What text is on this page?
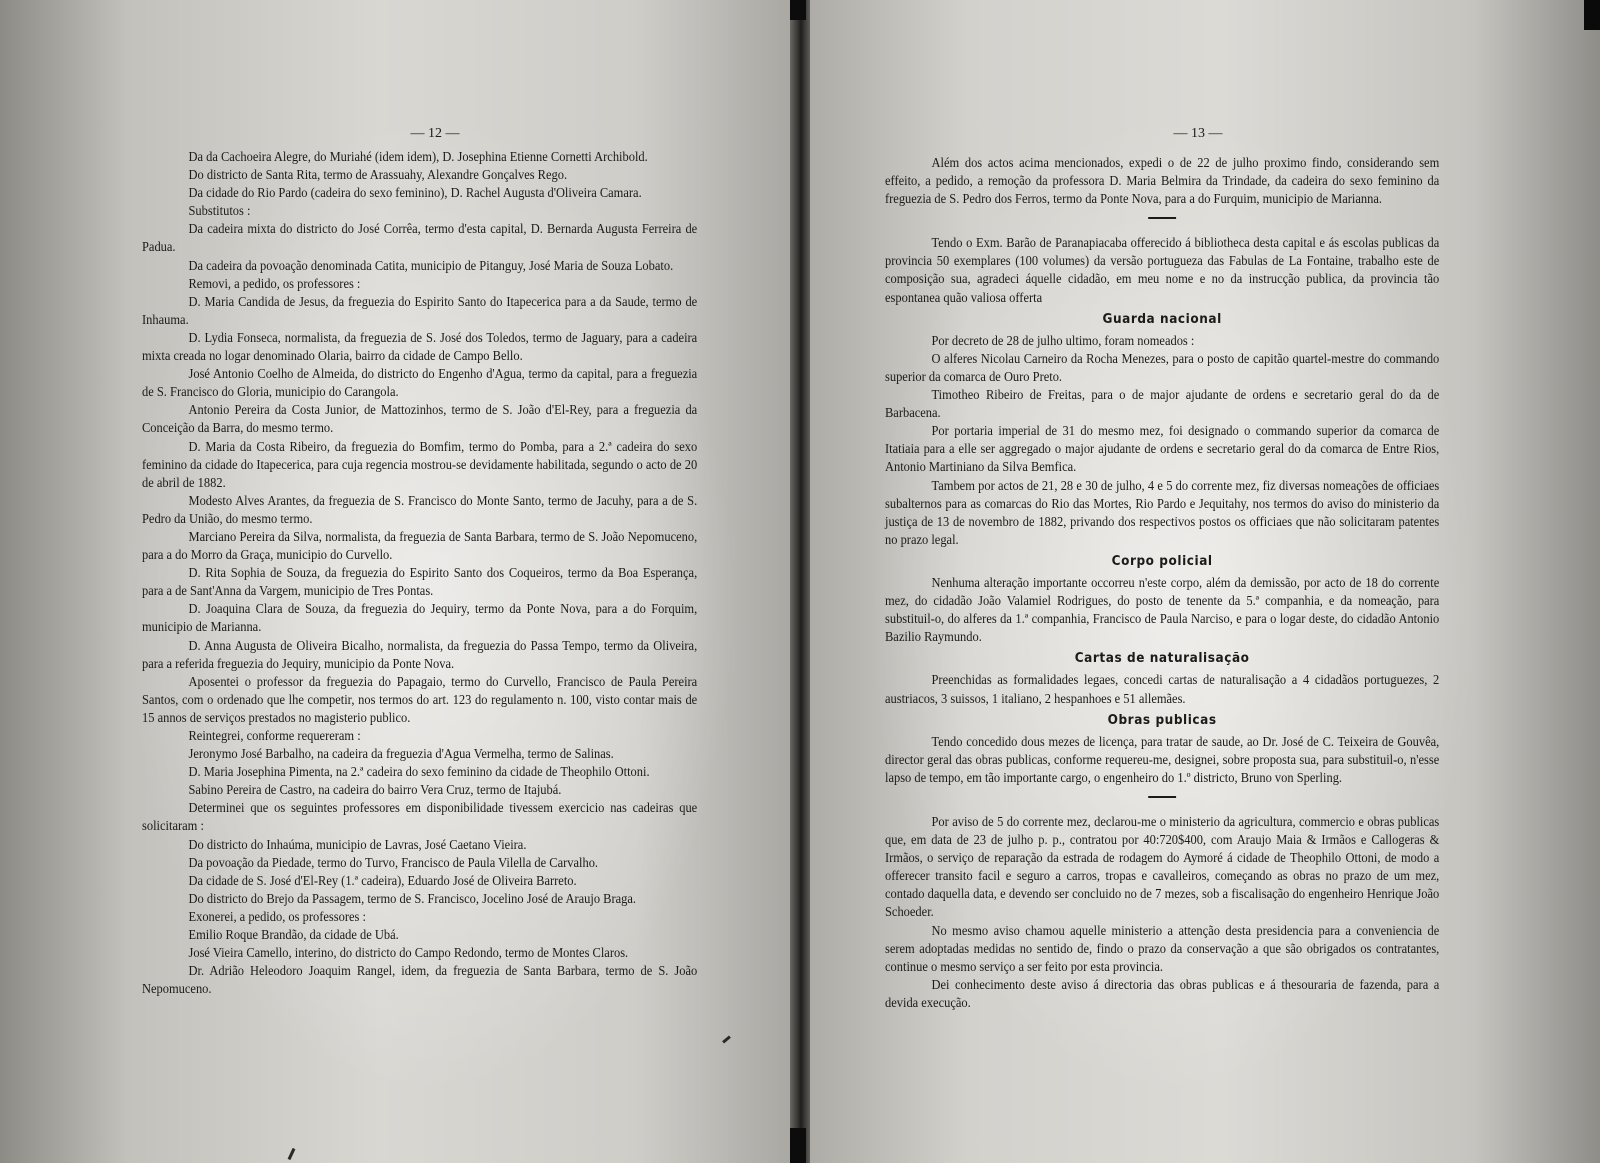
— 12 —

Da da Cachoeira Alegre, do Muriahé (idem idem), D. Josephina Etienne Cornetti Archibold.

Do districto de Santa Rita, termo de Arassuahy, Alexandre Gonçalves Rego.

Da cidade do Rio Pardo (cadeira do sexo feminino), D. Rachel Augusta d'Oliveira Camara.

Substitutos :

Da cadeira mixta do districto do José Corrêa, termo d'esta capital, D. Bernarda Augusta Ferreira de Padua.

Da cadeira da povoação denominada Catita, municipio de Pitanguy, José Maria de Souza Lobato.

Removi, a pedido, os professores :

D. Maria Candida de Jesus, da freguezia do Espirito Santo do Itapecerica para a da Saude, termo de Inhauma.

D. Lydia Fonseca, normalista, da freguezia de S. José dos Toledos, termo de Jaguary, para a cadeira mixta creada no logar denominado Olaria, bairro da cidade de Campo Bello.

José Antonio Coelho de Almeida, do districto do Engenho d'Agua, termo da capital, para a freguezia de S. Francisco do Gloria, municipio do Carangola.

Antonio Pereira da Costa Junior, de Mattozinhos, termo de S. João d'El-Rey, para a freguezia da Conceição da Barra, do mesmo termo.

D. Maria da Costa Ribeiro, da freguezia do Bomfim, termo do Pomba, para a 2.ª cadeira do sexo feminino da cidade do Itapecerica, para cuja regencia mostrou-se devidamente habilitada, segundo o acto de 20 de abril de 1882.

Modesto Alves Arantes, da freguezia de S. Francisco do Monte Santo, termo de Jacuhy, para a de S. Pedro da União, do mesmo termo.

Marciano Pereira da Silva, normalista, da freguezia de Santa Barbara, termo de S. João Nepomuceno, para a do Morro da Graça, municipio do Curvello.

D. Rita Sophia de Souza, da freguezia do Espirito Santo dos Coqueiros, termo da Boa Esperança, para a de Sant'Anna da Vargem, municipio de Tres Pontas.

D. Joaquina Clara de Souza, da freguezia do Jequiry, termo da Ponte Nova, para a do Forquim, municipio de Marianna.

D. Anna Augusta de Oliveira Bicalho, normalista, da freguezia do Passa Tempo, termo da Oliveira, para a referida freguezia do Jequiry, municipio da Ponte Nova.

Aposentei o professor da freguezia do Papagaio, termo do Curvello, Francisco de Paula Pereira Santos, com o ordenado que lhe competir, nos termos do art. 123 do regulamento n. 100, visto contar mais de 15 annos de serviços prestados no magisterio publico.

Reintegrei, conforme requereram :

Jeronymo José Barbalho, na cadeira da freguezia d'Agua Vermelha, termo de Salinas.

D. Maria Josephina Pimenta, na 2.ª cadeira do sexo feminino da cidade de Theophilo Ottoni.

Sabino Pereira de Castro, na cadeira do bairro Vera Cruz, termo de Itajubá.

Determinei que os seguintes professores em disponibilidade tivessem exercicio nas cadeiras que solicitaram :

Do districto do Inhaúma, municipio de Lavras, José Caetano Vieira.

Da povoação da Piedade, termo do Turvo, Francisco de Paula Vilella de Carvalho.

Da cidade de S. José d'El-Rey (1.ª cadeira), Eduardo José de Oliveira Barreto.

Do districto do Brejo da Passagem, termo de S. Francisco, Jocelino José de Araujo Braga.

Exonerei, a pedido, os professores :

Emilio Roque Brandão, da cidade de Ubá.

José Vieira Camello, interino, do districto do Campo Redondo, termo de Montes Claros.

Dr. Adrião Heleodoro Joaquim Rangel, idem, da freguezia de Santa Barbara, termo de S. João Nepomuceno.

— 13 —

Além dos actos acima mencionados, expedi o de 22 de julho proximo findo, considerando sem effeito, a pedido, a remoção da professora D. Maria Belmira da Trindade, da cadeira do sexo feminino da freguezia de S. Pedro dos Ferros, termo da Ponte Nova, para a do Furquim, municipio de Marianna.

Tendo o Exm. Barão de Paranapiacaba offerecido á bibliotheca desta capital e ás escolas publicas da provincia 50 exemplares (100 volumes) da versão portugueza das Fabulas de La Fontaine, trabalho este de composição sua, agradeci áquelle cidadão, em meu nome e no da instrucção publica, da provincia tão espontanea quão valiosa offerta

Guarda nacional

Por decreto de 28 de julho ultimo, foram nomeados :

O alferes Nicolau Carneiro da Rocha Menezes, para o posto de capitão quartel-mestre do commando superior da comarca de Ouro Preto.

Timotheo Ribeiro de Freitas, para o de major ajudante de ordens e secretario geral do da de Barbacena.

Por portaria imperial de 31 do mesmo mez, foi designado o commando superior da comarca de Itatiaia para a elle ser aggregado o major ajudante de ordens e secretario geral do da comarca de Entre Rios, Antonio Martiniano da Silva Bemfica.

Tambem por actos de 21, 28 e 30 de julho, 4 e 5 do corrente mez, fiz diversas nomeações de officiaes subalternos para as comarcas do Rio das Mortes, Rio Pardo e Jequitahy, nos termos do aviso do ministerio da justiça de 13 de novembro de 1882, privando dos respectivos postos os officiaes que não solicitaram patentes no prazo legal.

Corpo policial

Nenhuma alteração importante occorreu n'este corpo, além da demissão, por acto de 18 do corrente mez, do cidadão João Valamiel Rodrigues, do posto de tenente da 5.ª companhia, e da nomeação, para substituil-o, do alferes da 1.ª companhia, Francisco de Paula Narciso, e para o logar deste, do cidadão Antonio Bazilio Raymundo.

Cartas de naturalisação

Preenchidas as formalidades legaes, concedi cartas de naturalisação a 4 cidadãos portuguezes, 2 austriacos, 3 suissos, 1 italiano, 2 hespanhoes e 51 allemães.

Obras publicas

Tendo concedido dous mezes de licença, para tratar de saude, ao Dr. José de C. Teixeira de Gouvêa, director geral das obras publicas, conforme requereu-me, designei, sobre proposta sua, para substituil-o, n'esse lapso de tempo, em tão importante cargo, o engenheiro do 1.º districto, Bruno von Sperling.

Por aviso de 5 do corrente mez, declarou-me o ministerio da agricultura, commercio e obras publicas que, em data de 23 de julho p. p., contratou por 40:720$400, com Araujo Maia & Irmãos e Callogeras & Irmãos, o serviço de reparação da estrada de rodagem do Aymoré á cidade de Theophilo Ottoni, de modo a offerecer transito facil e seguro a carros, tropas e cavalleiros, começando as obras no prazo de um mez, contado daquella data, e devendo ser concluido no de 7 mezes, sob a fiscalisação do engenheiro Henrique João Schoeder.

No mesmo aviso chamou aquelle ministerio a attenção desta presidencia para a conveniencia de serem adoptadas medidas no sentido de, findo o prazo da conservação a que são obrigados os contratantes, continue o mesmo serviço a ser feito por esta provincia.

Dei conhecimento deste aviso á directoria das obras publicas e á thesouraria de fazenda, para a devida execução.
